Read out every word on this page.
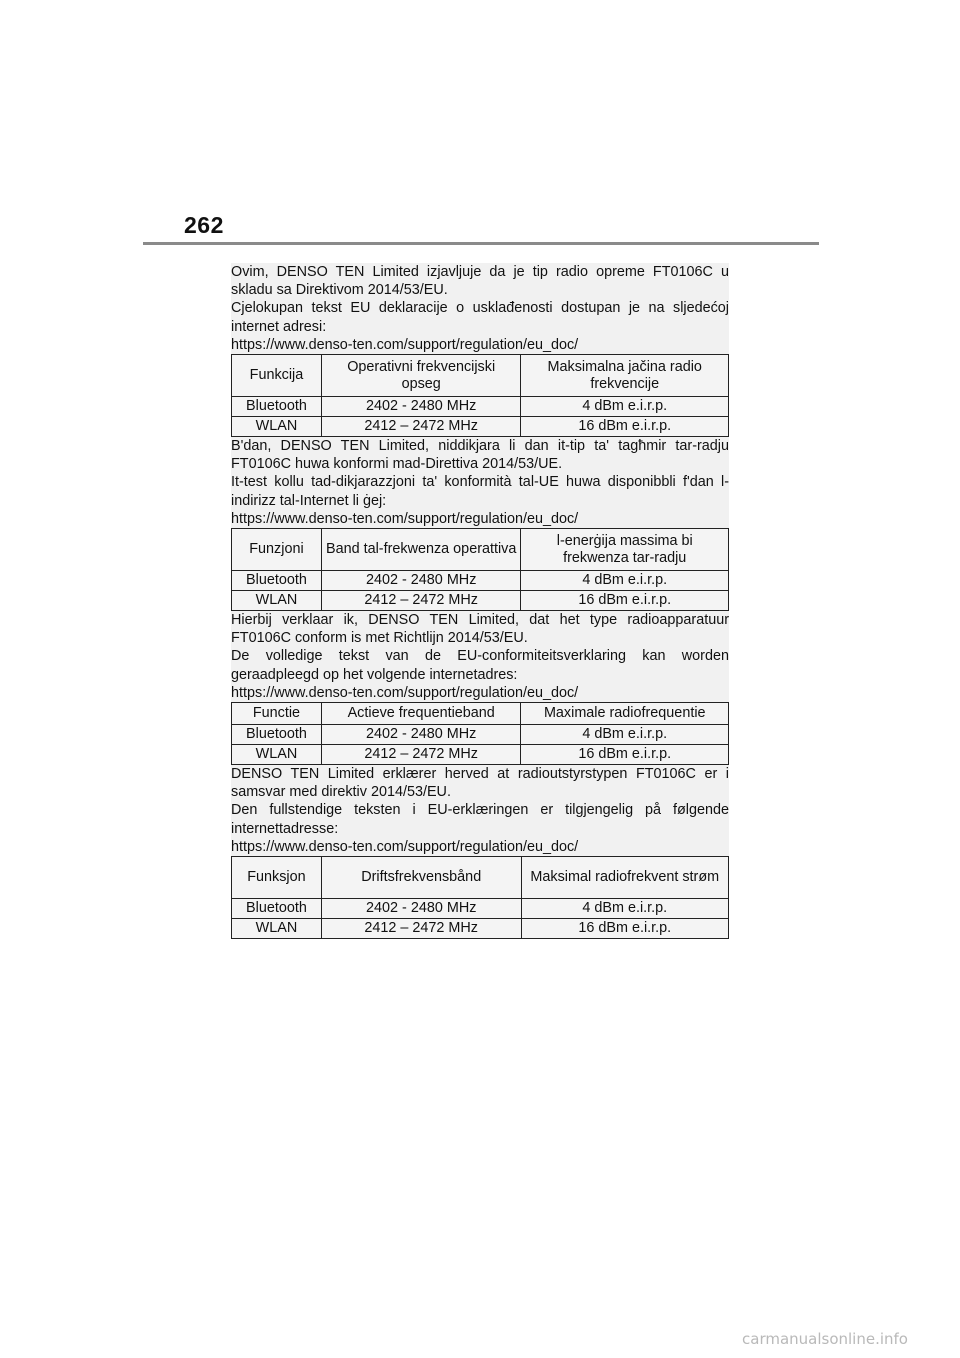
262

Ovim, DENSO TEN Limited izjavljuje da je tip radio opreme FT0106C u skladu sa Direktivom 2014/53/EU.

Cjelokupan tekst EU deklaracije o usklađenosti dostupan je na sljedećoj internet adresi:

https://www.denso-ten.com/support/regulation/eu_doc/

Funkcija	Operativni frekvencijski opseg	Maksimalna jačina radio frekvencije
Bluetooth	2402 - 2480 MHz	4 dBm e.i.r.p.
WLAN	2412 – 2472 MHz	16 dBm e.i.r.p.

B'dan, DENSO TEN Limited, niddikjara li dan it-tip ta' tagħmir tar-radju FT0106C huwa konformi mad-Direttiva 2014/53/UE.

It-test kollu tad-dikjarazzjoni ta' konformità tal-UE huwa disponibbli f'dan l-indirizz tal-Internet li ġej:

https://www.denso-ten.com/support/regulation/eu_doc/

Funzjoni	Band tal-frekwenza operattiva	l-enerġija massima bi frekwenza tar-radju
Bluetooth	2402 - 2480 MHz	4 dBm e.i.r.p.
WLAN	2412 – 2472 MHz	16 dBm e.i.r.p.

Hierbij verklaar ik, DENSO TEN Limited, dat het type radioapparatuur FT0106C conform is met Richtlijn 2014/53/EU.

De volledige tekst van de EU-conformiteitsverklaring kan worden geraadpleegd op het volgende internetadres:

https://www.denso-ten.com/support/regulation/eu_doc/

Functie	Actieve frequentieband	Maximale radiofrequentie
Bluetooth	2402 - 2480 MHz	4 dBm e.i.r.p.
WLAN	2412 – 2472 MHz	16 dBm e.i.r.p.

DENSO TEN Limited erklærer herved at radioutstyrstypen FT0106C er i samsvar med direktiv 2014/53/EU.

Den fullstendige teksten i EU-erklæringen er tilgjengelig på følgende internettadresse:

https://www.denso-ten.com/support/regulation/eu_doc/

Funksjon	Driftsfrekvensbånd	Maksimal radiofrekvent strøm
Bluetooth	2402 - 2480 MHz	4 dBm e.i.r.p.
WLAN	2412 – 2472 MHz	16 dBm e.i.r.p.
carmanualsonline.info
